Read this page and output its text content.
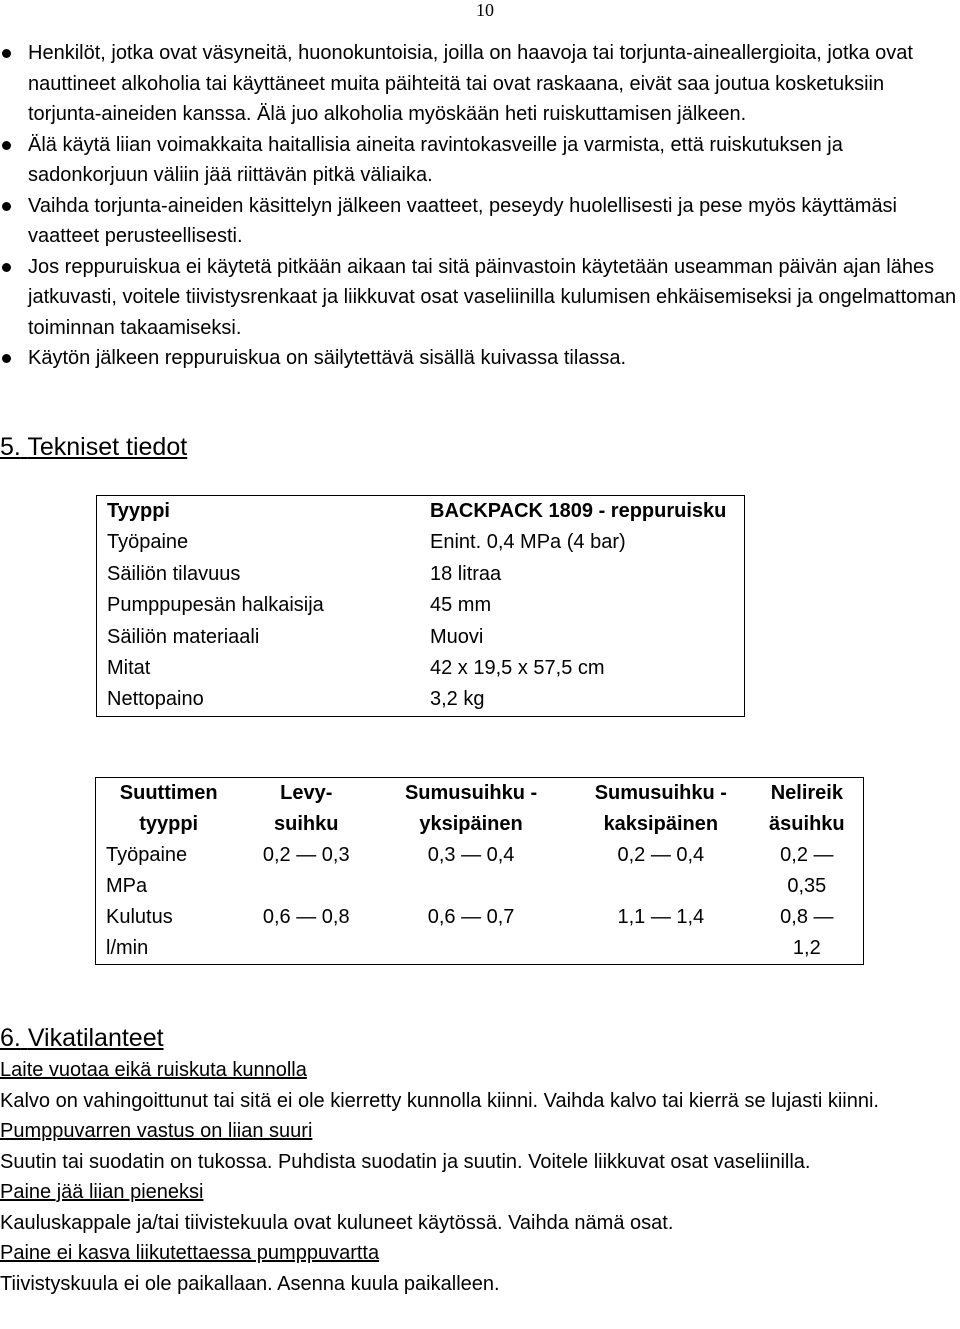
10
Henkilöt, jotka ovat väsyneitä, huonokuntoisia, joilla on haavoja tai torjunta-aineallergioita, jotka ovat nauttineet alkoholia tai käyttäneet muita päihteitä tai ovat raskaana, eivät saa joutua kosketuksiin torjunta-aineiden kanssa. Älä juo alkoholia myöskään heti ruiskuttamisen jälkeen.
Älä käytä liian voimakkaita haitallisia aineita ravintokasveille ja varmista, että ruiskutuksen ja sadonkorjuun väliin jää riittävän pitkä väliaika.
Vaihda torjunta-aineiden käsittelyn jälkeen vaatteet, peseydy huolellisesti ja pese myös käyttämäsi vaatteet perusteellisesti.
Jos reppuruiskua ei käytetä pitkään aikaan tai sitä päinvastoin käytetään useamman päivän ajan lähes jatkuvasti, voitele tiivistysrenkaat ja liikkuvat osat vaseliinilla kulumisen ehkäisemiseksi ja ongelmattoman toiminnan takaamiseksi.
Käytön jälkeen reppuruiskua on säilytettävä sisällä kuivassa tilassa.
5. Tekniset tiedot
Tyyppi	BACKPACK 1809 - reppuruisku
Työpaine	Enint. 0,4 MPa (4 bar)
Säiliön tilavuus	18 litraa
Pumppupesän halkaisija	45 mm
Säiliön materiaali	Muovi
Mitat	42 x 19,5 x 57,5 cm
Nettopaino	3,2 kg
Suuttimen tyyppi	Levy-suihku	Sumusuihku - yksipäinen	Sumusuihku - kaksipäinen	Nelireik äsuihku
Työpaine MPa	0,2 — 0,3	0,3 — 0,4	0,2 — 0,4	0,2 — 0,35
Kulutus l/min	0,6 — 0,8	0,6 — 0,7	1,1 — 1,4	0,8 — 1,2
6. Vikatilanteet

Laite vuotaa eikä ruiskuta kunnolla

Kalvo on vahingoittunut tai sitä ei ole kierretty kunnolla kiinni. Vaihda kalvo tai kierrä se lujasti kiinni.

Pumppuvarren vastus on liian suuri

Suutin tai suodatin on tukossa. Puhdista suodatin ja suutin. Voitele liikkuvat osat vaseliinilla.

Paine jää liian pieneksi

Kauluskappale ja/tai tiivistekuula ovat kuluneet käytössä. Vaihda nämä osat.

Paine ei kasva liikutettaessa pumppuvartta

Tiivistyskuula ei ole paikallaan. Asenna kuula paikalleen.
